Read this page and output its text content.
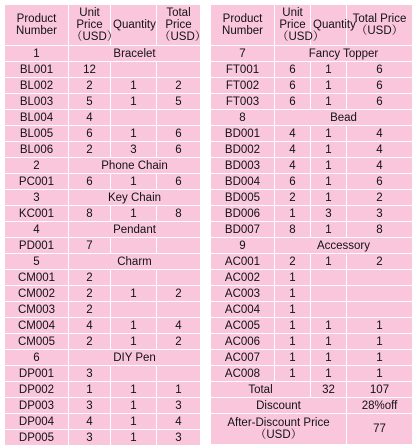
Product Number	Unit Price（USD）	Quantity	Total Price（USD）
1	Bracelet		
BL001	12		
BL002	2	1	2
BL003	5	1	5
BL004	4		
BL005	6	1	6
BL006	2	3	6
2	Phone Chain		
PC001	6	1	6
3	Key Chain		
KC001	8	1	8
4	Pendant		
PD001	7		
5	Charm		
CM001	2		
CM002	2	1	2
CM003	2		
CM004	4	1	4
CM005	2	1	2
6	DIY Pen		
DP001	3		
DP002	1	1	1
DP003	3	1	3
DP004	4	1	4
DP005	3	1	3
Product Number	Unit Price（USD）	Quantity	Total Price（USD）
7	Fancy Topper		
FT001	6	1	6
FT002	6	1	6
FT003	6	1	6
8	Bead		
BD001	4	1	4
BD002	4	1	4
BD003	4	1	4
BD004	6	1	6
BD005	2	1	2
BD006	1	3	3
BD007	8	1	8
9	Accessory		
AC001	2	1	2
AC002	1		
AC003	1		
AC004	1		
AC005	1	1	1
AC006	1	1	1
AC007	1	1	1
AC008	1	1	1
Total		32	107
Discount			28%off
After-Discount Price（USD）			77
